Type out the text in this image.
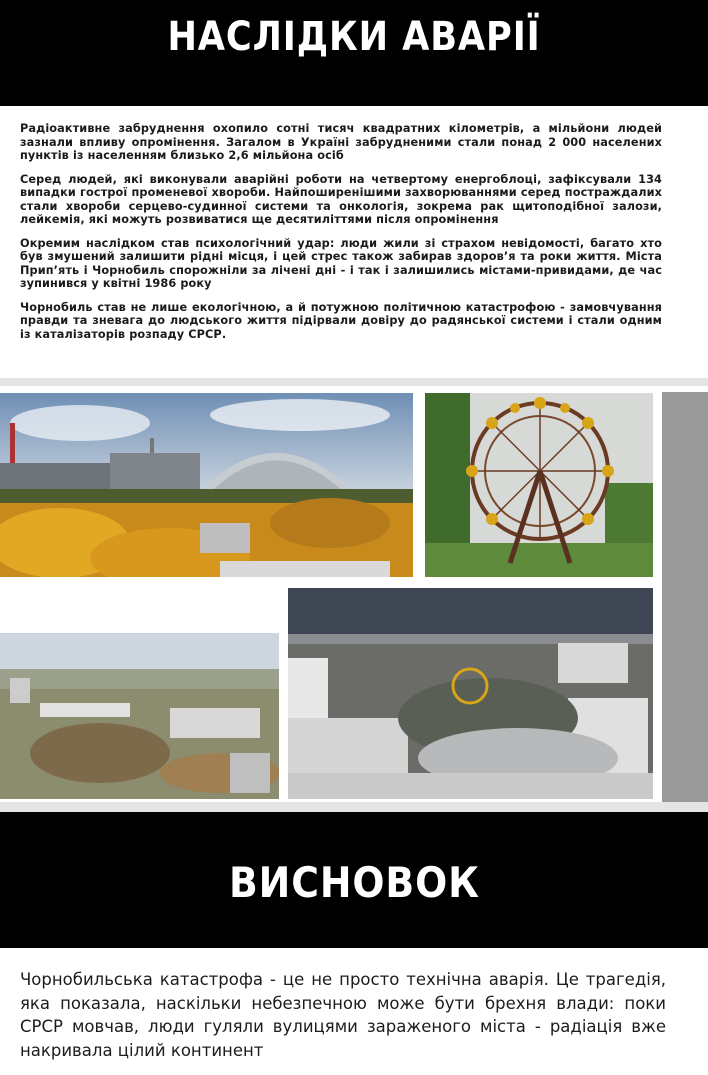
НАСЛІДКИ АВАРІЇ

Радіоактивне забруднення охопило сотні тисяч квадратних кілометрів, а мільйони людей зазнали впливу опромінення. Загалом в Україні забрудненими стали понад 2 000 населених пунктів із населенням близько 2,6 мільйона осіб

Серед людей, які виконували аварійні роботи на четвертому енергоблоці, зафіксували 134 випадки гострої променевої хвороби. Найпоширенішими захворюваннями серед постраждалих стали хвороби серцево-судинної системи та онкологія, зокрема рак щитоподібної залози, лейкемія, які можуть розвиватися ще десятиліттями після опромінення

Окремим наслідком став психологічний удар: люди жили зі страхом невідомості, багато хто був змушений залишити рідні місця, і цей стрес також забирав здоров’я та роки життя. Міста Прип’ять і Чорнобиль спорожніли за лічені дні - і так і залишились містами-привидами, де час зупинився у квітні 1986 року

Чорнобиль став не лише екологічною, а й потужною політичною катастрофою - замовчування правди та зневага до людського життя підірвали довіру до радянської системи і стали одним із каталізаторів розпаду СРСР.

ВИСНОВОК

Чорнобильська катастрофа - це не просто технічна аварія. Це трагедія, яка показала, наскільки небезпечною може бути брехня влади: поки СРСР мовчав, люди гуляли вулицями зараженого міста - радіація вже накривала цілий континент
